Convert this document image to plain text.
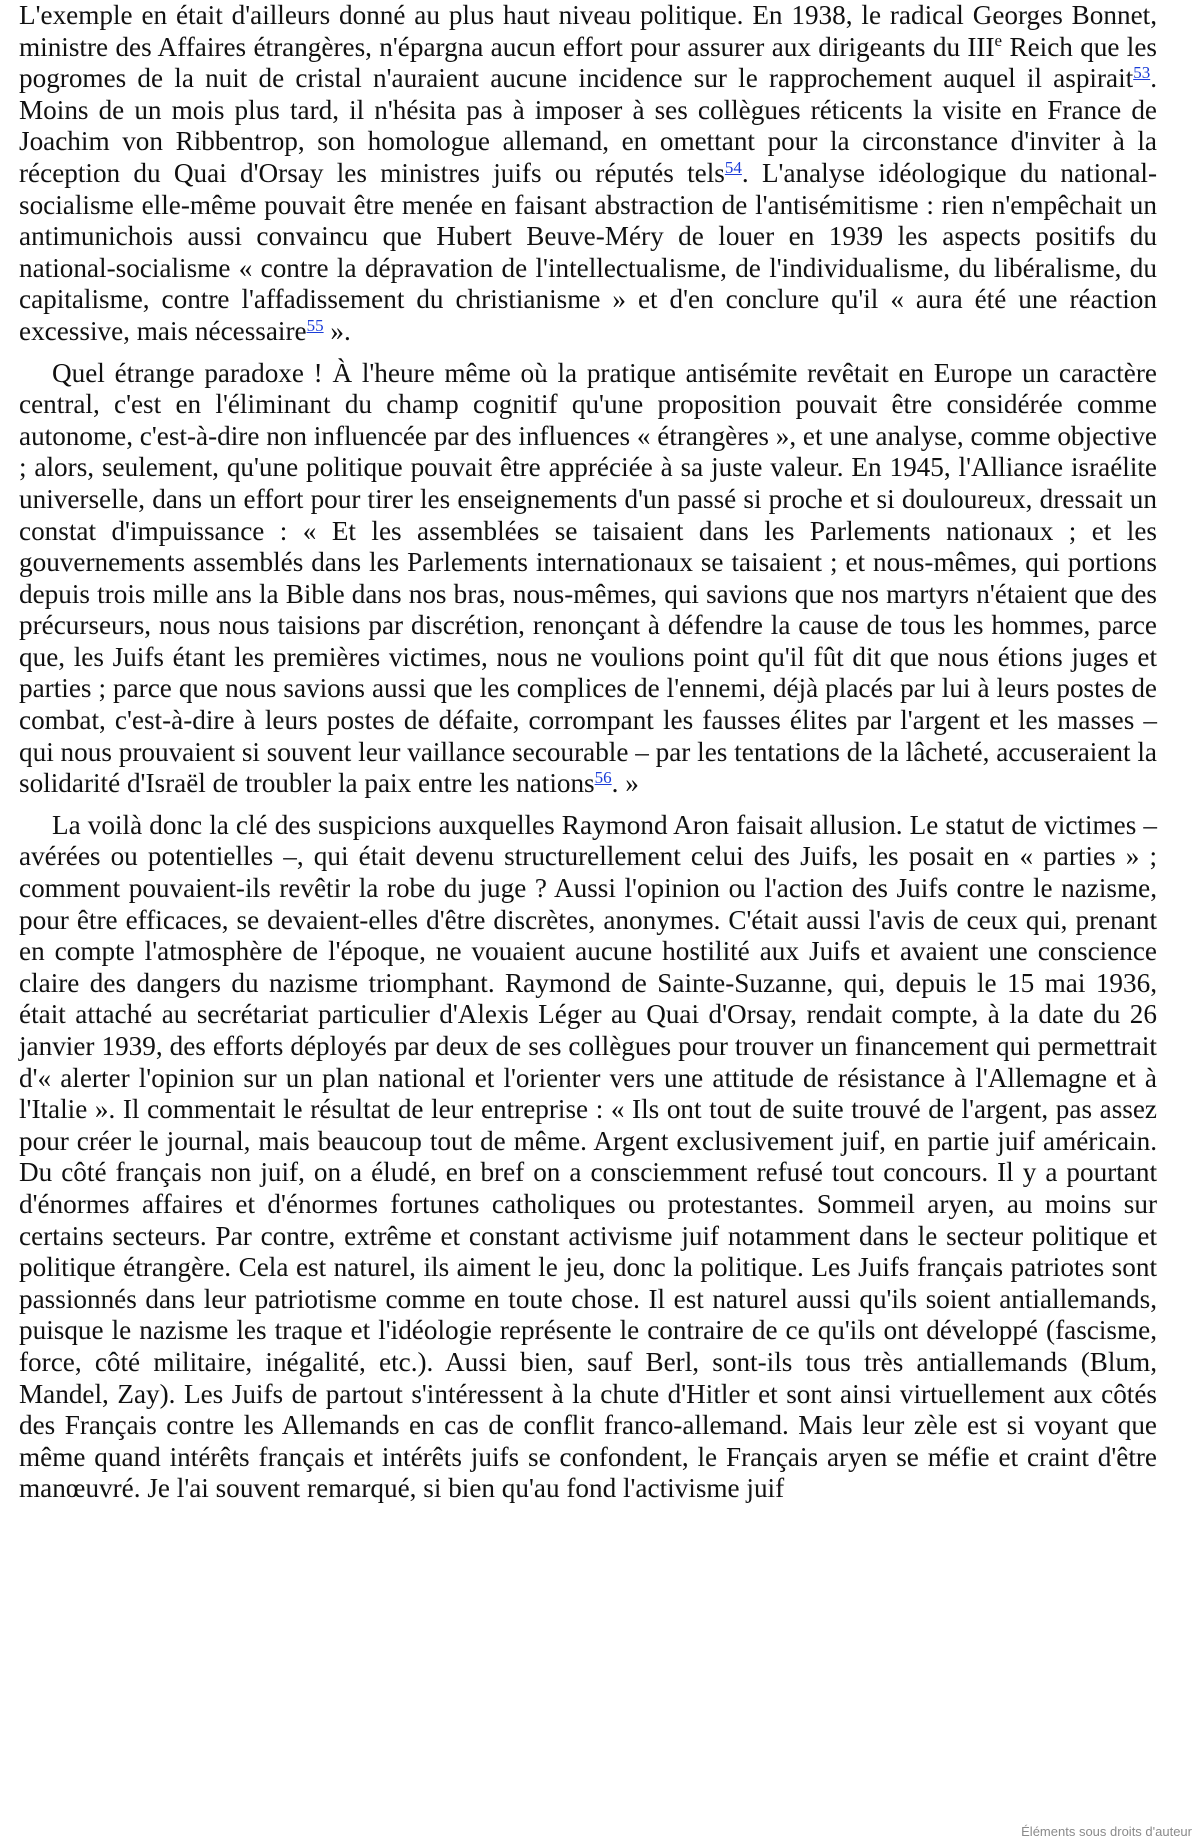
L'exemple en était d'ailleurs donné au plus haut niveau politique. En 1938, le radical Georges Bonnet, ministre des Affaires étrangères, n'épargna aucun effort pour assurer aux dirigeants du IIIe Reich que les pogromes de la nuit de cristal n'auraient aucune incidence sur le rapprochement auquel il aspirait$^{53}$. Moins de un mois plus tard, il n'hésita pas à imposer à ses collègues réticents la visite en France de Joachim von Ribbentrop, son homologue allemand, en omettant pour la circonstance d'inviter à la réception du Quai d'Orsay les ministres juifs ou réputés tels$^{54}$. L'analyse idéologique du national-socialisme elle-même pouvait être menée en faisant abstraction de l'antisémitisme : rien n'empêchait un antimunichois aussi convaincu que Hubert Beuve-Méry de louer en 1939 les aspects positifs du national-socialisme « contre la dépravation de l'intellectualisme, de l'individualisme, du libéralisme, du capitalisme, contre l'affadissement du christianisme » et d'en conclure qu'il « aura été une réaction excessive, mais nécessaire$^{55}$ ».

Quel étrange paradoxe ! À l'heure même où la pratique antisémite revêtait en Europe un caractère central, c'est en l'éliminant du champ cognitif qu'une proposition pouvait être considérée comme autonome, c'est-à-dire non influencée par des influences « étrangères », et une analyse, comme objective ; alors, seulement, qu'une politique pouvait être appréciée à sa juste valeur. En 1945, l'Alliance israélite universelle, dans un effort pour tirer les enseignements d'un passé si proche et si douloureux, dressait un constat d'impuissance : « Et les assemblées se taisaient dans les Parlements nationaux ; et les gouvernements assemblés dans les Parlements internationaux se taisaient ; et nous-mêmes, qui portions depuis trois mille ans la Bible dans nos bras, nous-mêmes, qui savions que nos martyrs n'étaient que des précurseurs, nous nous taisions par discrétion, renonçant à défendre la cause de tous les hommes, parce que, les Juifs étant les premières victimes, nous ne voulions point qu'il fût dit que nous étions juges et parties ; parce que nous savions aussi que les complices de l'ennemi, déjà placés par lui à leurs postes de combat, c'est-à-dire à leurs postes de défaite, corrompant les fausses élites par l'argent et les masses – qui nous prouvaient si souvent leur vaillance secourable – par les tentations de la lâcheté, accuseraient la solidarité d'Israël de troubler la paix entre les nations$^{56}$. »

La voilà donc la clé des suspicions auxquelles Raymond Aron faisait allusion. Le statut de victimes – avérées ou potentielles –, qui était devenu structurellement celui des Juifs, les posait en « parties » ; comment pouvaient-ils revêtir la robe du juge ? Aussi l'opinion ou l'action des Juifs contre le nazisme, pour être efficaces, se devaient-elles d'être discrètes, anonymes. C'était aussi l'avis de ceux qui, prenant en compte l'atmosphère de l'époque, ne vouaient aucune hostilité aux Juifs et avaient une conscience claire des dangers du nazisme triomphant. Raymond de Sainte-Suzanne, qui, depuis le 15 mai 1936, était attaché au secrétariat particulier d'Alexis Léger au Quai d'Orsay, rendait compte, à la date du 26 janvier 1939, des efforts déployés par deux de ses collègues pour trouver un financement qui permettrait d'« alerter l'opinion sur un plan national et l'orienter vers une attitude de résistance à l'Allemagne et à l'Italie ». Il commentait le résultat de leur entreprise : « Ils ont tout de suite trouvé de l'argent, pas assez pour créer le journal, mais beaucoup tout de même. Argent exclusivement juif, en partie juif américain. Du côté français non juif, on a éludé, en bref on a consciemment refusé tout concours. Il y a pourtant d'énormes affaires et d'énormes fortunes catholiques ou protestantes. Sommeil aryen, au moins sur certains secteurs. Par contre, extrême et constant activisme juif notamment dans le secteur politique et politique étrangère. Cela est naturel, ils aiment le jeu, donc la politique. Les Juifs français patriotes sont passionnés dans leur patriotisme comme en toute chose. Il est naturel aussi qu'ils soient antiallemands, puisque le nazisme les traque et l'idéologie représente le contraire de ce qu'ils ont développé (fascisme, force, côté militaire, inégalité, etc.). Aussi bien, sauf Berl, sont-ils tous très antiallemands (Blum, Mandel, Zay). Les Juifs de partout s'intéressent à la chute d'Hitler et sont ainsi virtuellement aux côtés des Français contre les Allemands en cas de conflit franco-allemand. Mais leur zèle est si voyant que même quand intérêts français et intérêts juifs se confondent, le Français aryen se méfie et craint d'être manœuvré. Je l'ai souvent remarqué, si bien qu'au fond l'activisme juif

Éléments sous droits d'auteur
